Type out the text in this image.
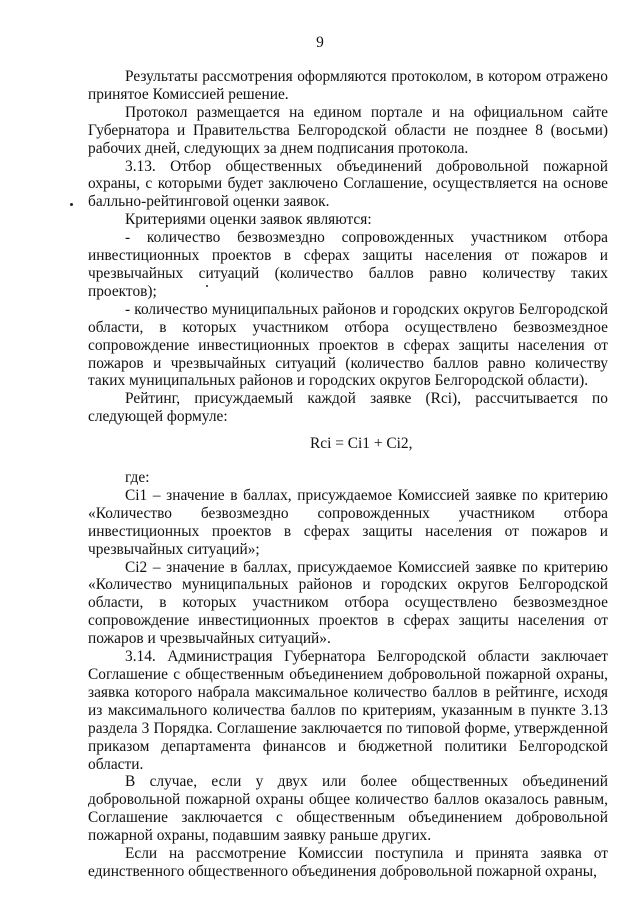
9

Результаты рассмотрения оформляются протоколом, в котором отражено принятое Комиссией решение.

Протокол размещается на едином портале и на официальном сайте Губернатора и Правительства Белгородской области не позднее 8 (восьми) рабочих дней, следующих за днем подписания протокола.

3.13. Отбор общественных объединений добровольной пожарной охраны, с которыми будет заключено Соглашение, осуществляется на основе балльно-рейтинговой оценки заявок.

Критериями оценки заявок являются:

- количество безвозмездно сопровожденных участником отбора инвестиционных проектов в сферах защиты населения от пожаров и чрезвычайных ситуаций (количество баллов равно количеству таких проектов);

- количество муниципальных районов и городских округов Белгородской области, в которых участником отбора осуществлено безвозмездное сопровождение инвестиционных проектов в сферах защиты населения от пожаров и чрезвычайных ситуаций (количество баллов равно количеству таких муниципальных районов и городских округов Белгородской области).

Рейтинг, присуждаемый каждой заявке (Rci), рассчитывается по следующей формуле:

Rci = Ci1 + Ci2,

где:

Ci1 – значение в баллах, присуждаемое Комиссией заявке по критерию «Количество безвозмездно сопровожденных участником отбора инвестиционных проектов в сферах защиты населения от пожаров и чрезвычайных ситуаций»;

Ci2 – значение в баллах, присуждаемое Комиссией заявке по критерию «Количество муниципальных районов и городских округов Белгородской области, в которых участником отбора осуществлено безвозмездное сопровождение инвестиционных проектов в сферах защиты населения от пожаров и чрезвычайных ситуаций».

3.14. Администрация Губернатора Белгородской области заключает Соглашение с общественным объединением добровольной пожарной охраны, заявка которого набрала максимальное количество баллов в рейтинге, исходя из максимального количества баллов по критериям, указанным в пункте 3.13 раздела 3 Порядка. Соглашение заключается по типовой форме, утвержденной приказом департамента финансов и бюджетной политики Белгородской области.

В случае, если у двух или более общественных объединений добровольной пожарной охраны общее количество баллов оказалось равным, Соглашение заключается с общественным объединением добровольной пожарной охраны, подавшим заявку раньше других.

Если на рассмотрение Комиссии поступила и принята заявка от единственного общественного объединения добровольной пожарной охраны,
